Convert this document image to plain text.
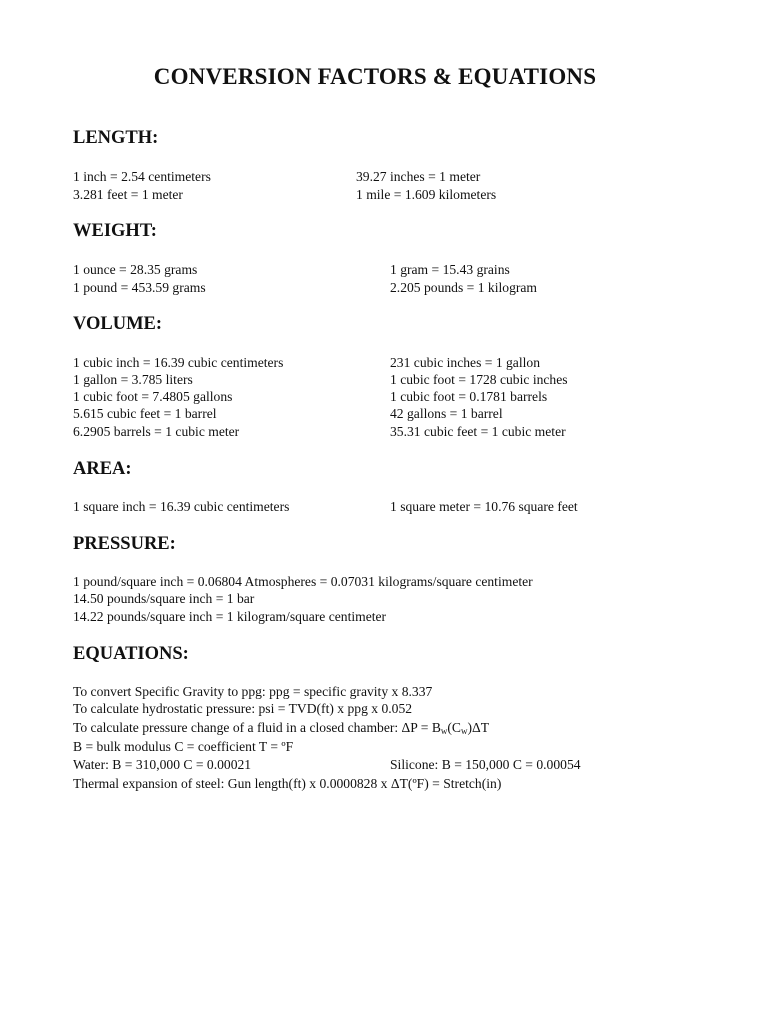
CONVERSION FACTORS & EQUATIONS
LENGTH:

1 inch = 2.54 centimeters	39.27 inches = 1 meter

3.281 feet = 1 meter	1 mile = 1.609 kilometers

WEIGHT:

1 ounce = 28.35 grams	1 gram = 15.43 grains

1 pound = 453.59 grams	2.205 pounds = 1 kilogram

VOLUME:

1 cubic inch = 16.39 cubic centimeters	231 cubic inches = 1 gallon

1 gallon = 3.785 liters	1 cubic foot = 1728 cubic inches

1 cubic foot = 7.4805 gallons	1 cubic foot = 0.1781 barrels

5.615 cubic feet = 1 barrel	42 gallons = 1 barrel

6.2905 barrels = 1 cubic meter	35.31 cubic feet = 1 cubic meter

AREA:

1 square inch = 16.39 cubic centimeters	1 square meter = 10.76 square feet

PRESSURE:

1 pound/square inch = 0.06804 Atmospheres = 0.07031 kilograms/square centimeter

14.50 pounds/square inch = 1 bar

14.22 pounds/square inch = 1 kilogram/square centimeter

EQUATIONS:

To convert Specific Gravity to ppg: ppg = specific gravity x 8.337

To calculate hydrostatic pressure: psi = TVD(ft) x ppg x 0.052

To calculate pressure change of a fluid in a closed chamber: $\Delta P = B_w(C_w)\Delta T$

B = bulk modulus C = coefficient T = ºF

Water: B = 310,000 C = 0.00021	Silicone: B = 150,000 C = 0.00054

Thermal expansion of steel: Gun length(ft) x 0.0000828 x ΔT(ºF) = Stretch(in)
